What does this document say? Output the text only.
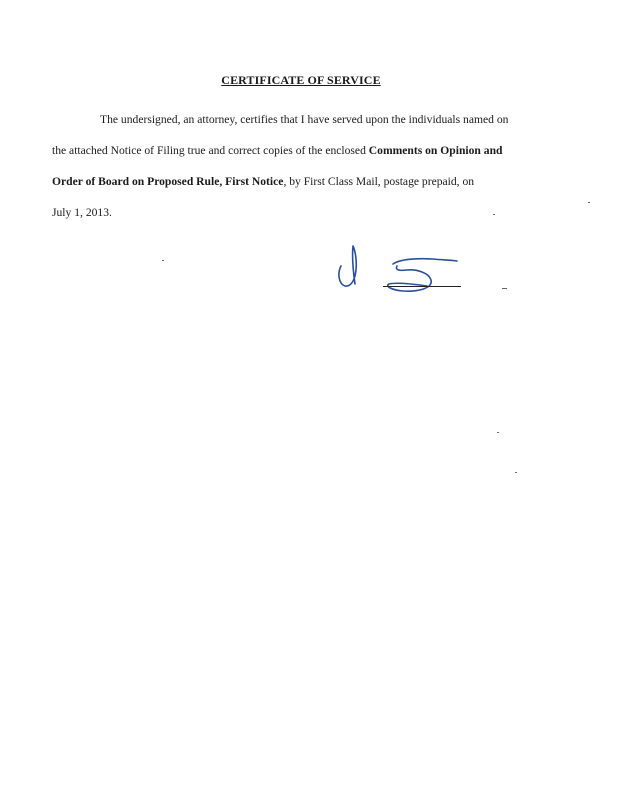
CERTIFICATE OF SERVICE
The undersigned, an attorney, certifies that I have served upon the individuals named on
the attached Notice of Filing true and correct copies of the enclosed Comments on Opinion and
Order of Board on Proposed Rule, First Notice, by First Class Mail, postage prepaid, on
July 1, 2013.
